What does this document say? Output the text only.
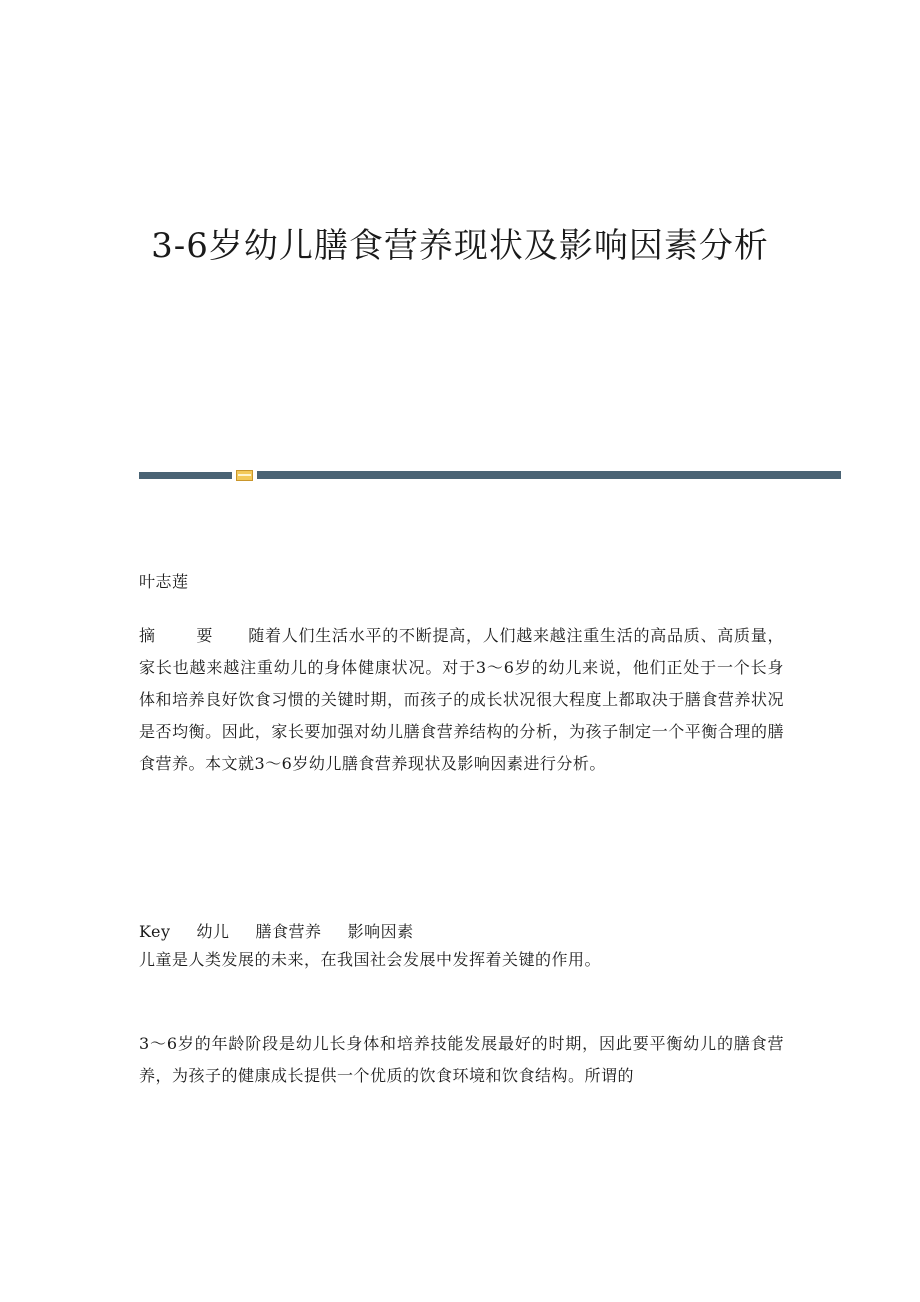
3-6岁幼儿膳食营养现状及影响因素分析

叶志莲

摘	要 随着人们生活水平的不断提高，人们越来越注重生活的高品质、高质量，家长也越来越注重幼儿的身体健康状况。对于3～6岁的幼儿来说，他们正处于一个长身体和培养良好饮食习惯的关键时期，而孩子的成长状况很大程度上都取决于膳食营养状况是否均衡。因此，家长要加强对幼儿膳食营养结构的分析，为孩子制定一个平衡合理的膳食营养。本文就3～6岁幼儿膳食营养现状及影响因素进行分析。

Key 幼儿 膳食营养 影响因素

儿童是人类发展的未来，在我国社会发展中发挥着关键的作用。

3～6岁的年龄阶段是幼儿长身体和培养技能发展最好的时期，因此要平衡幼儿的膳食营养，为孩子的健康成长提供一个优质的饮食环境和饮食结构。所谓的
